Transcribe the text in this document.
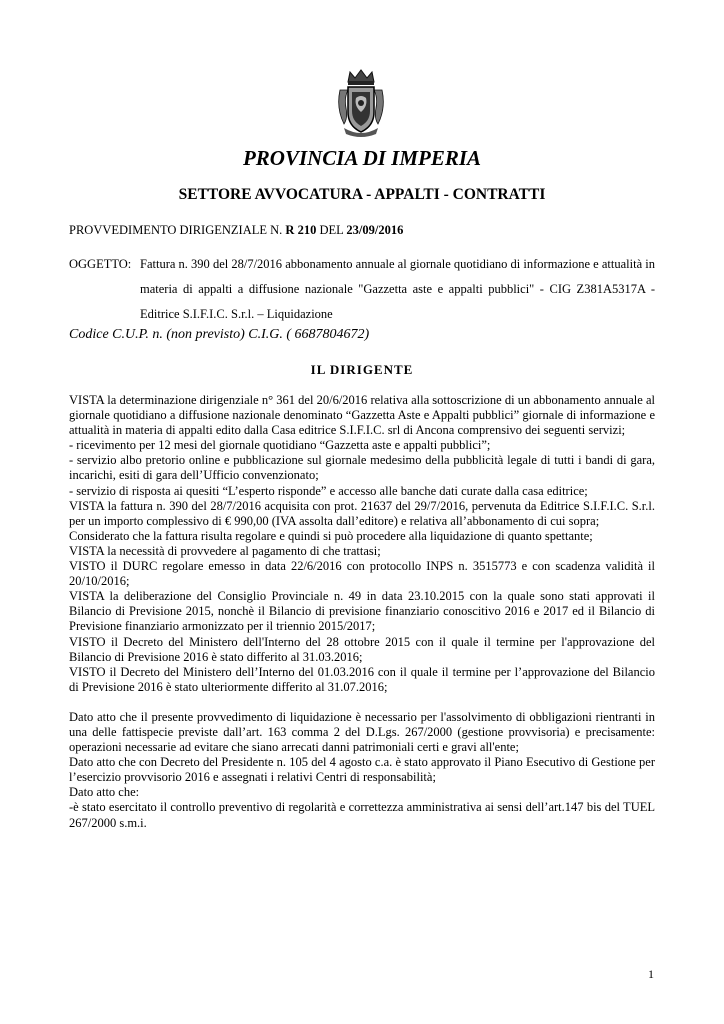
PROVINCIA DI IMPERIA
SETTORE AVVOCATURA - APPALTI - CONTRATTI
PROVVEDIMENTO DIRIGENZIALE N. R 210 DEL 23/09/2016
OGGETTO: Fattura n. 390 del 28/7/2016 abbonamento annuale al giornale quotidiano di informazione e attualità in materia di appalti a diffusione nazionale "Gazzetta aste e appalti pubblici" - CIG Z381A5317A - Editrice S.I.F.I.C. S.r.l. – Liquidazione
Codice C.U.P. n. (non previsto) C.I.G. ( 6687804672)
IL DIRIGENTE

VISTA la determinazione dirigenziale n° 361 del 20/6/2016 relativa alla sottoscrizione di un abbonamento annuale al giornale quotidiano a diffusione nazionale denominato “Gazzetta Aste e Appalti pubblici” giornale di informazione e attualità in materia di appalti edito dalla Casa editrice S.I.F.I.C. srl di Ancona comprensivo dei seguenti servizi;

- ricevimento per 12 mesi del giornale quotidiano “Gazzetta aste e appalti pubblici”;

- servizio albo pretorio online e pubblicazione sul giornale medesimo della pubblicità legale di tutti i bandi di gara, incarichi, esiti di gara dell’Ufficio convenzionato;

- servizio di risposta ai quesiti “L’esperto risponde” e accesso alle banche dati curate dalla casa editrice;

VISTA la fattura n. 390 del 28/7/2016 acquisita con prot. 21637 del 29/7/2016, pervenuta da Editrice S.I.F.I.C. S.r.l. per un importo complessivo di € 990,00 (IVA assolta dall’editore) e relativa all’abbonamento di cui sopra;

Considerato che la fattura risulta regolare e quindi si può procedere alla liquidazione di quanto spettante;

VISTA la necessità di provvedere al pagamento di che trattasi;

VISTO il DURC regolare emesso in data 22/6/2016 con protocollo INPS n. 3515773 e con scadenza validità il 20/10/2016;

VISTA la deliberazione del Consiglio Provinciale n. 49 in data 23.10.2015 con la quale sono stati approvati il Bilancio di Previsione 2015, nonchè il Bilancio di previsione finanziario conoscitivo 2016 e 2017 ed il Bilancio di Previsione finanziario armonizzato per il triennio 2015/2017;

VISTO il Decreto del Ministero dell'Interno del 28 ottobre 2015 con il quale il termine per l'approvazione del Bilancio di Previsione 2016 è stato differito al 31.03.2016;

VISTO il Decreto del Ministero dell’Interno del 01.03.2016 con il quale il termine per l’approvazione del Bilancio di Previsione 2016 è stato ulteriormente differito al 31.07.2016;

Dato atto che il presente provvedimento di liquidazione è necessario per l'assolvimento di obbligazioni rientranti in una delle fattispecie previste dall’art. 163 comma 2 del D.Lgs. 267/2000 (gestione provvisoria) e precisamente: operazioni necessarie ad evitare che siano arrecati danni patrimoniali certi e gravi all'ente;

Dato atto che con Decreto del Presidente n. 105 del 4 agosto c.a. è stato approvato il Piano Esecutivo di Gestione per l’esercizio provvisorio 2016 e assegnati i relativi Centri di responsabilità;

Dato atto che:

-è stato esercitato il controllo preventivo di regolarità e correttezza amministrativa ai sensi dell’art.147 bis del TUEL 267/2000 s.m.i.

1
